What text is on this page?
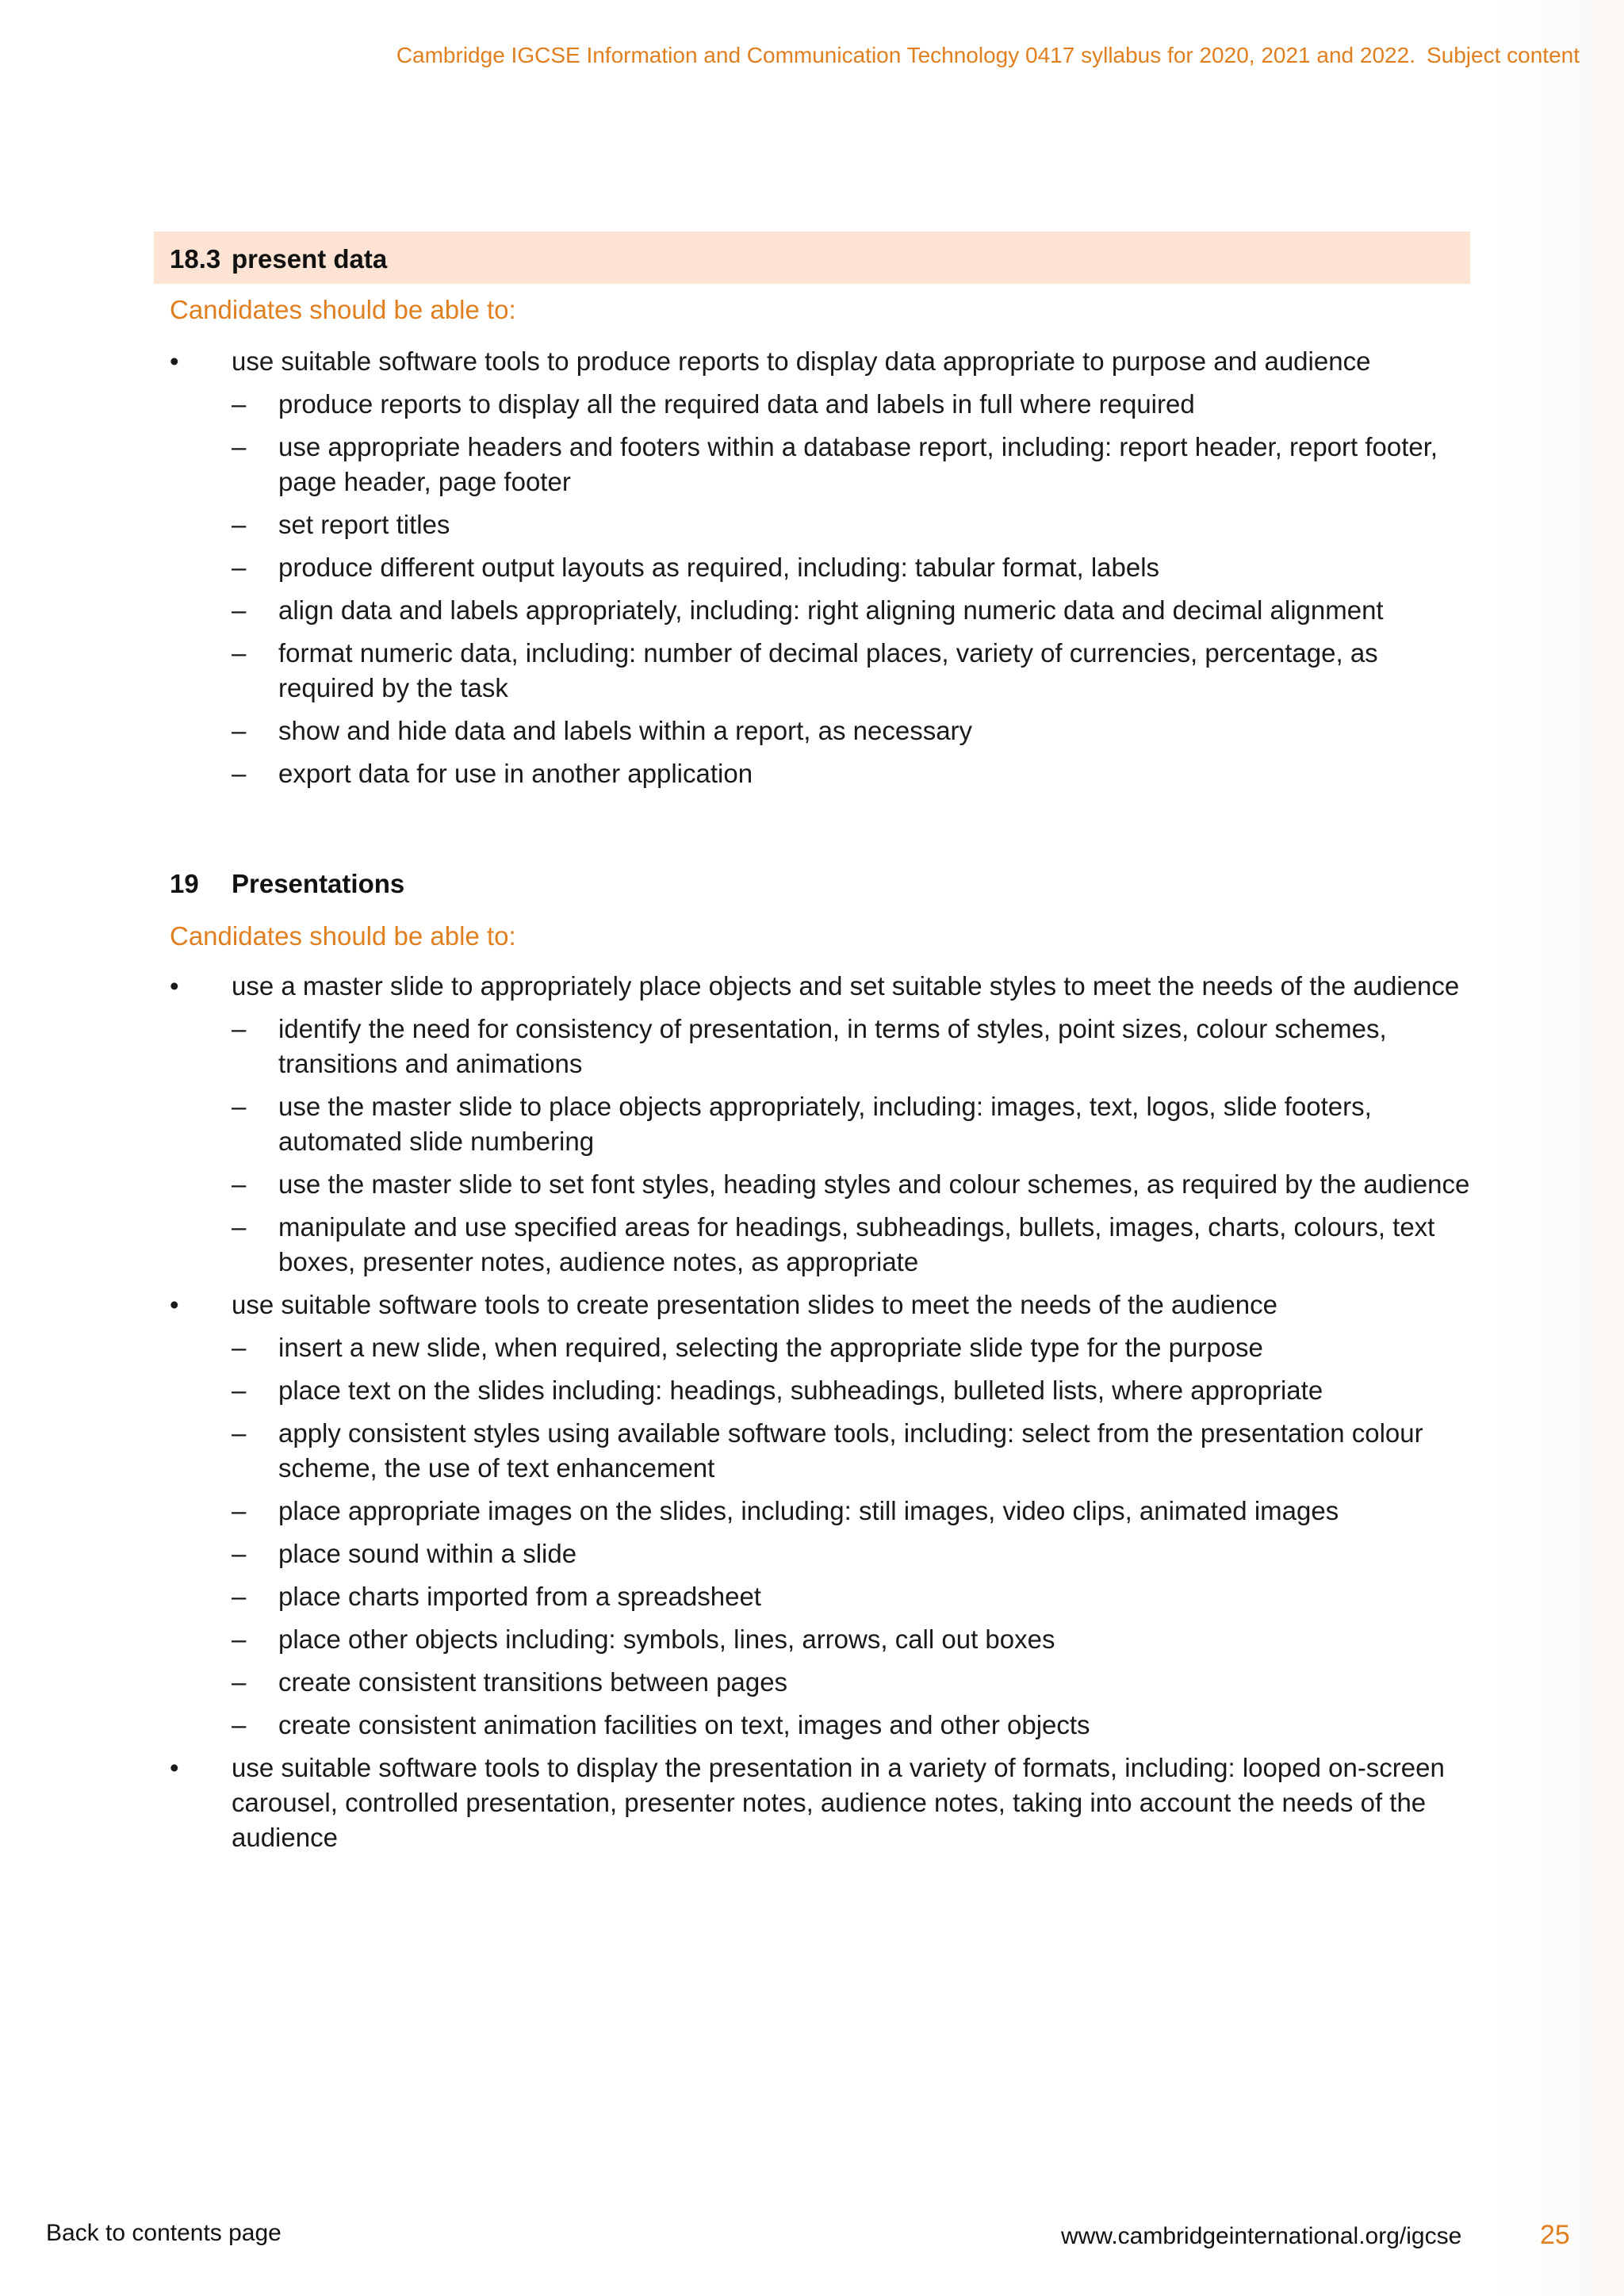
Cambridge IGCSE Information and Communication Technology 0417 syllabus for 2020, 2021 and 2022. Subject content
18.3 present data
Candidates should be able to:
• use suitable software tools to produce reports to display data appropriate to purpose and audience
– produce reports to display all the required data and labels in full where required
– use appropriate headers and footers within a database report, including: report header, report footer, page header, page footer
– set report titles
– produce different output layouts as required, including: tabular format, labels
– align data and labels appropriately, including: right aligning numeric data and decimal alignment
– format numeric data, including: number of decimal places, variety of currencies, percentage, as required by the task
– show and hide data and labels within a report, as necessary
– export data for use in another application
19 Presentations
Candidates should be able to:
• use a master slide to appropriately place objects and set suitable styles to meet the needs of the audience
– identify the need for consistency of presentation, in terms of styles, point sizes, colour schemes, transitions and animations
– use the master slide to place objects appropriately, including: images, text, logos, slide footers, automated slide numbering
– use the master slide to set font styles, heading styles and colour schemes, as required by the audience
– manipulate and use specified areas for headings, subheadings, bullets, images, charts, colours, text boxes, presenter notes, audience notes, as appropriate
• use suitable software tools to create presentation slides to meet the needs of the audience
– insert a new slide, when required, selecting the appropriate slide type for the purpose
– place text on the slides including: headings, subheadings, bulleted lists, where appropriate
– apply consistent styles using available software tools, including: select from the presentation colour scheme, the use of text enhancement
– place appropriate images on the slides, including: still images, video clips, animated images
– place sound within a slide
– place charts imported from a spreadsheet
– place other objects including: symbols, lines, arrows, call out boxes
– create consistent transitions between pages
– create consistent animation facilities on text, images and other objects
• use suitable software tools to display the presentation in a variety of formats, including: looped on-screen carousel, controlled presentation, presenter notes, audience notes, taking into account the needs of the audience
Back to contents page	www.cambridgeinternational.org/igcse	25
